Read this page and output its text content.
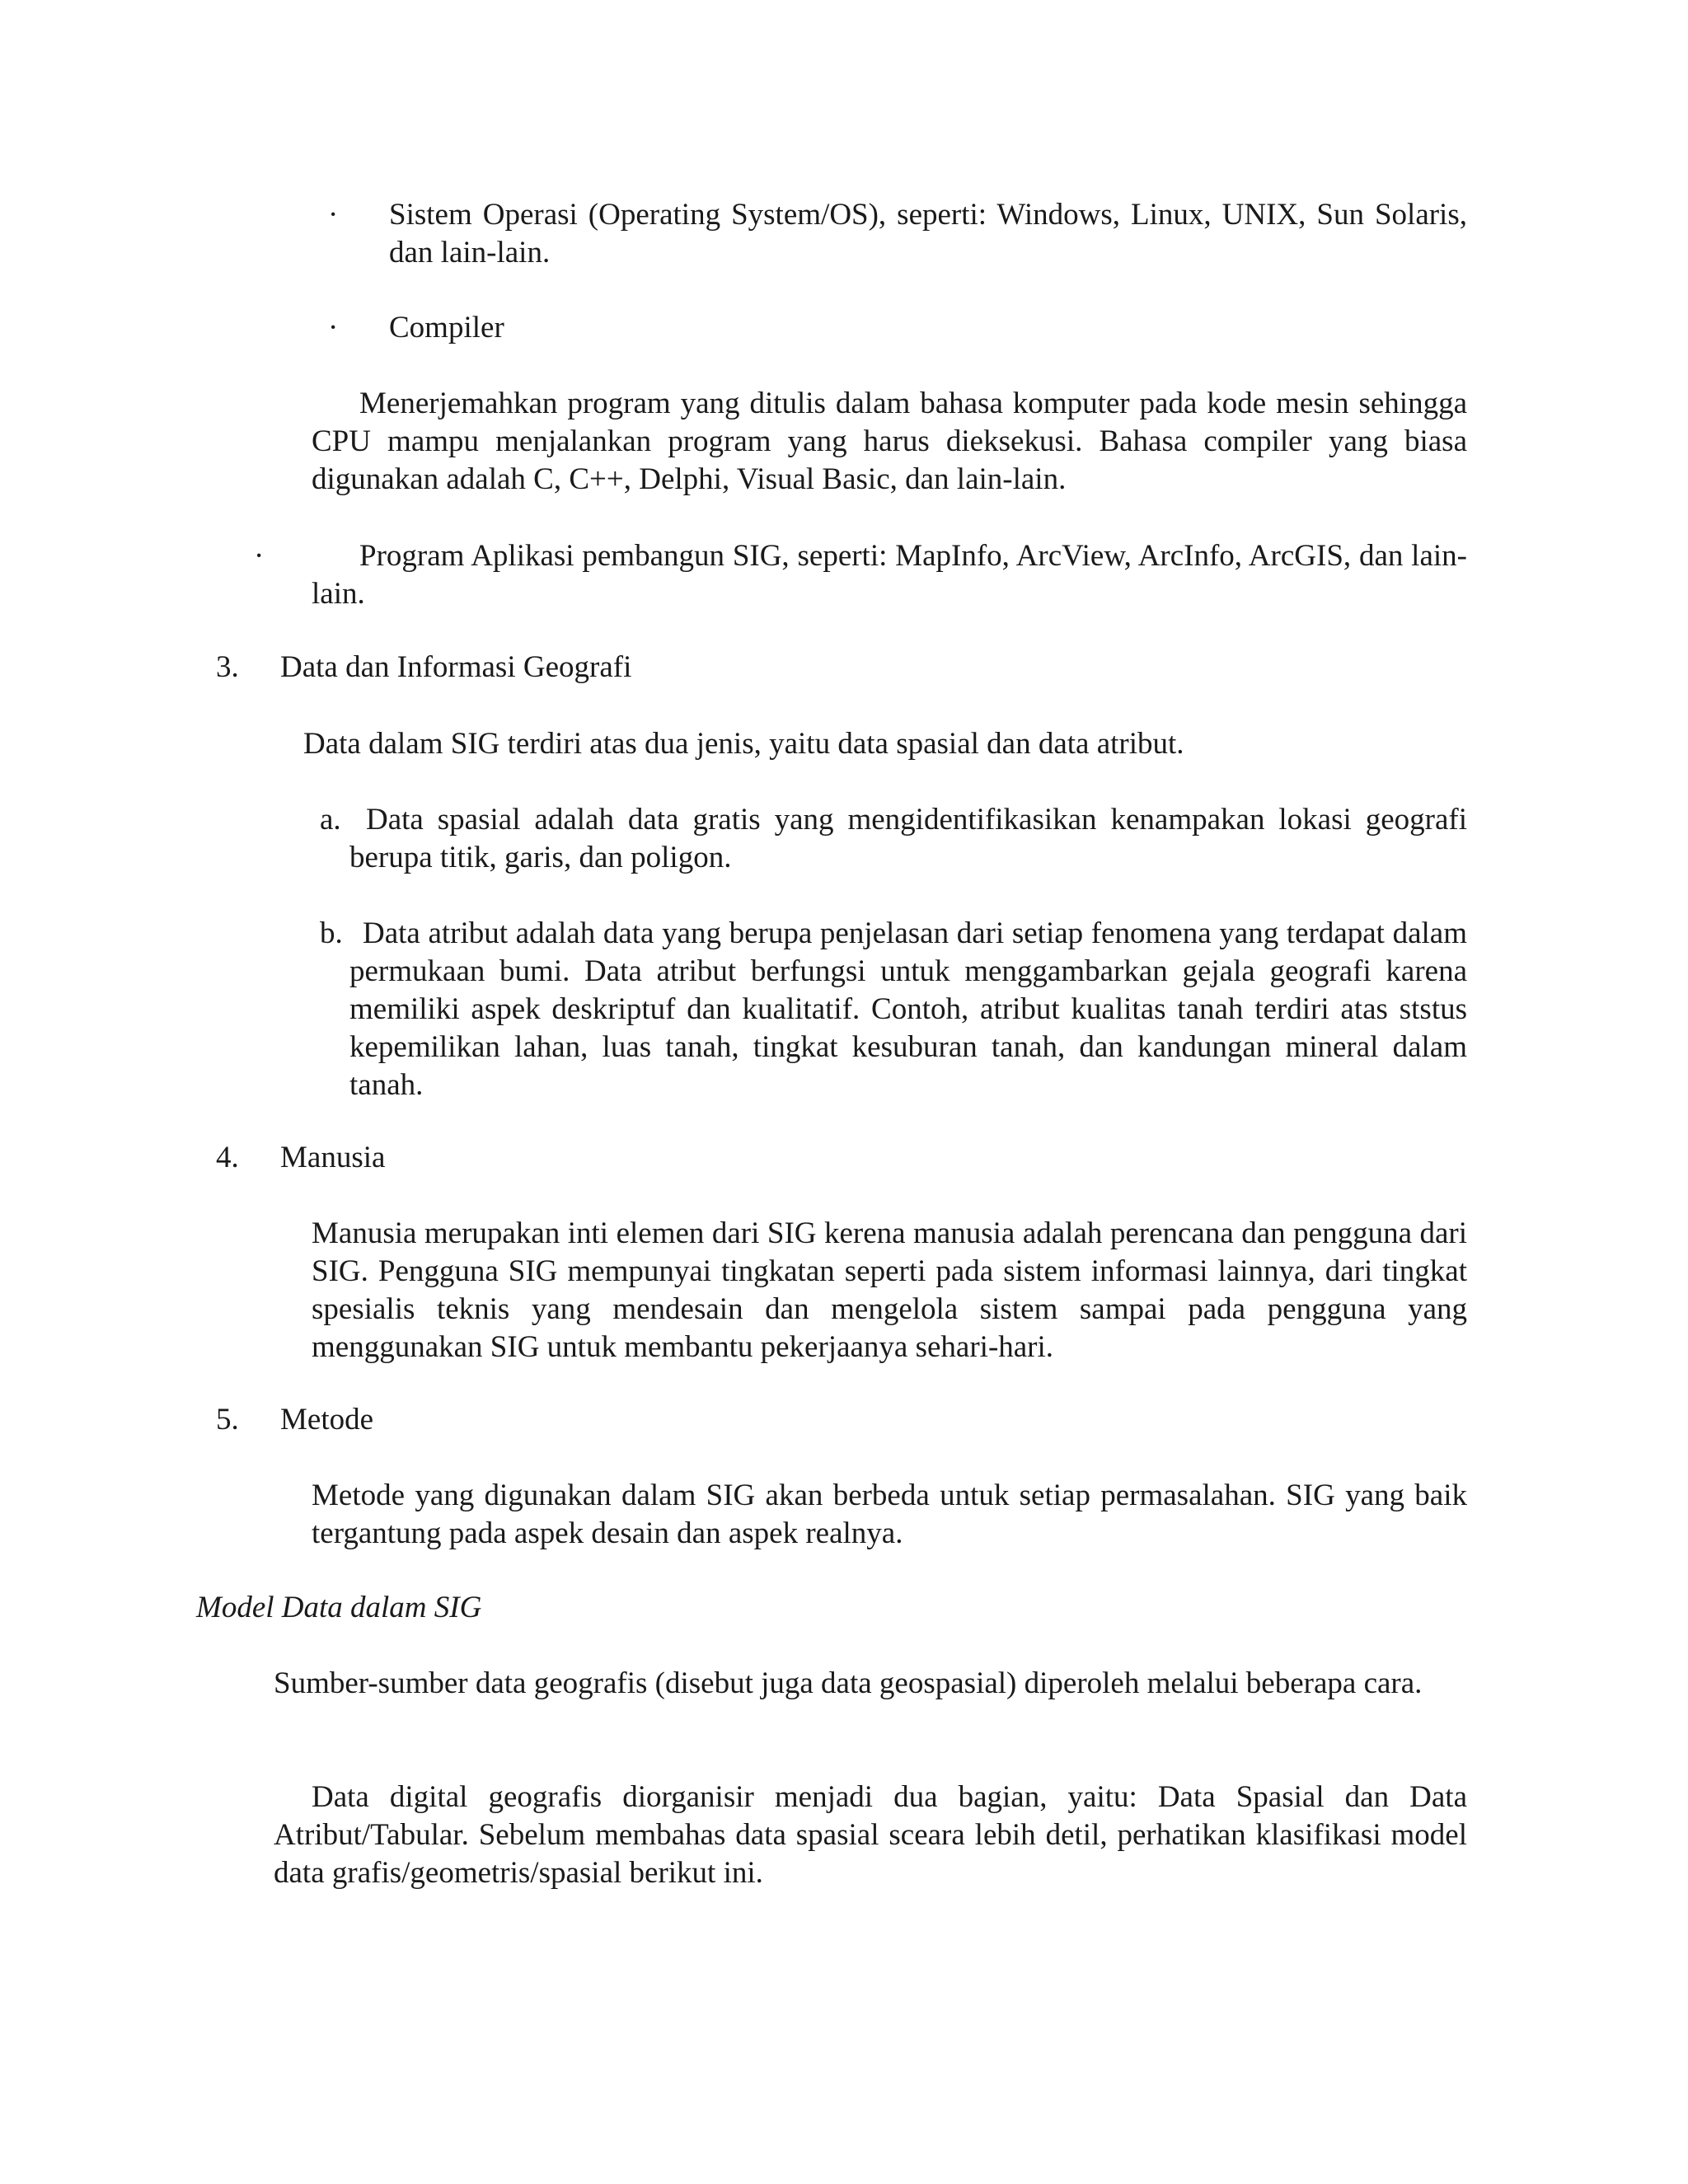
· Sistem Operasi (Operating System/OS), seperti: Windows, Linux, UNIX, Sun Solaris, dan lain-lain.

· Compiler

Menerjemahkan program yang ditulis dalam bahasa komputer pada kode mesin sehingga CPU mampu menjalankan program yang harus dieksekusi. Bahasa compiler yang biasa digunakan adalah C, C++, Delphi, Visual Basic, dan lain-lain.

·	Program Aplikasi pembangun SIG, seperti: MapInfo, ArcView, ArcInfo, ArcGIS, dan lain-lain.

3. Data dan Informasi Geografi

Data dalam SIG terdiri atas dua jenis, yaitu data spasial dan data atribut.

a. Data spasial adalah data gratis yang mengidentifikasikan kenampakan lokasi geografi berupa titik, garis, dan poligon.

b. Data atribut adalah data yang berupa penjelasan dari setiap fenomena yang terdapat dalam permukaan bumi. Data atribut berfungsi untuk menggambarkan gejala geografi karena memiliki aspek deskriptuf dan kualitatif. Contoh, atribut kualitas tanah terdiri atas ststus kepemilikan lahan, luas tanah, tingkat kesuburan tanah, dan kandungan mineral dalam tanah.

4. Manusia

Manusia merupakan inti elemen dari SIG kerena manusia adalah perencana dan pengguna dari SIG. Pengguna SIG mempunyai tingkatan seperti pada sistem informasi lainnya, dari tingkat spesialis teknis yang mendesain dan mengelola sistem sampai pada pengguna yang menggunakan SIG untuk membantu pekerjaanya sehari-hari.

5. Metode

Metode yang digunakan dalam SIG akan berbeda untuk setiap permasalahan. SIG yang baik tergantung pada aspek desain dan aspek realnya.

Model Data dalam SIG

Sumber-sumber data geografis (disebut juga data geospasial) diperoleh melalui beberapa cara.

Data digital geografis diorganisir menjadi dua bagian, yaitu: Data Spasial dan Data Atribut/Tabular. Sebelum membahas data spasial sceara lebih detil, perhatikan klasifikasi model data grafis/geometris/spasial berikut ini.
